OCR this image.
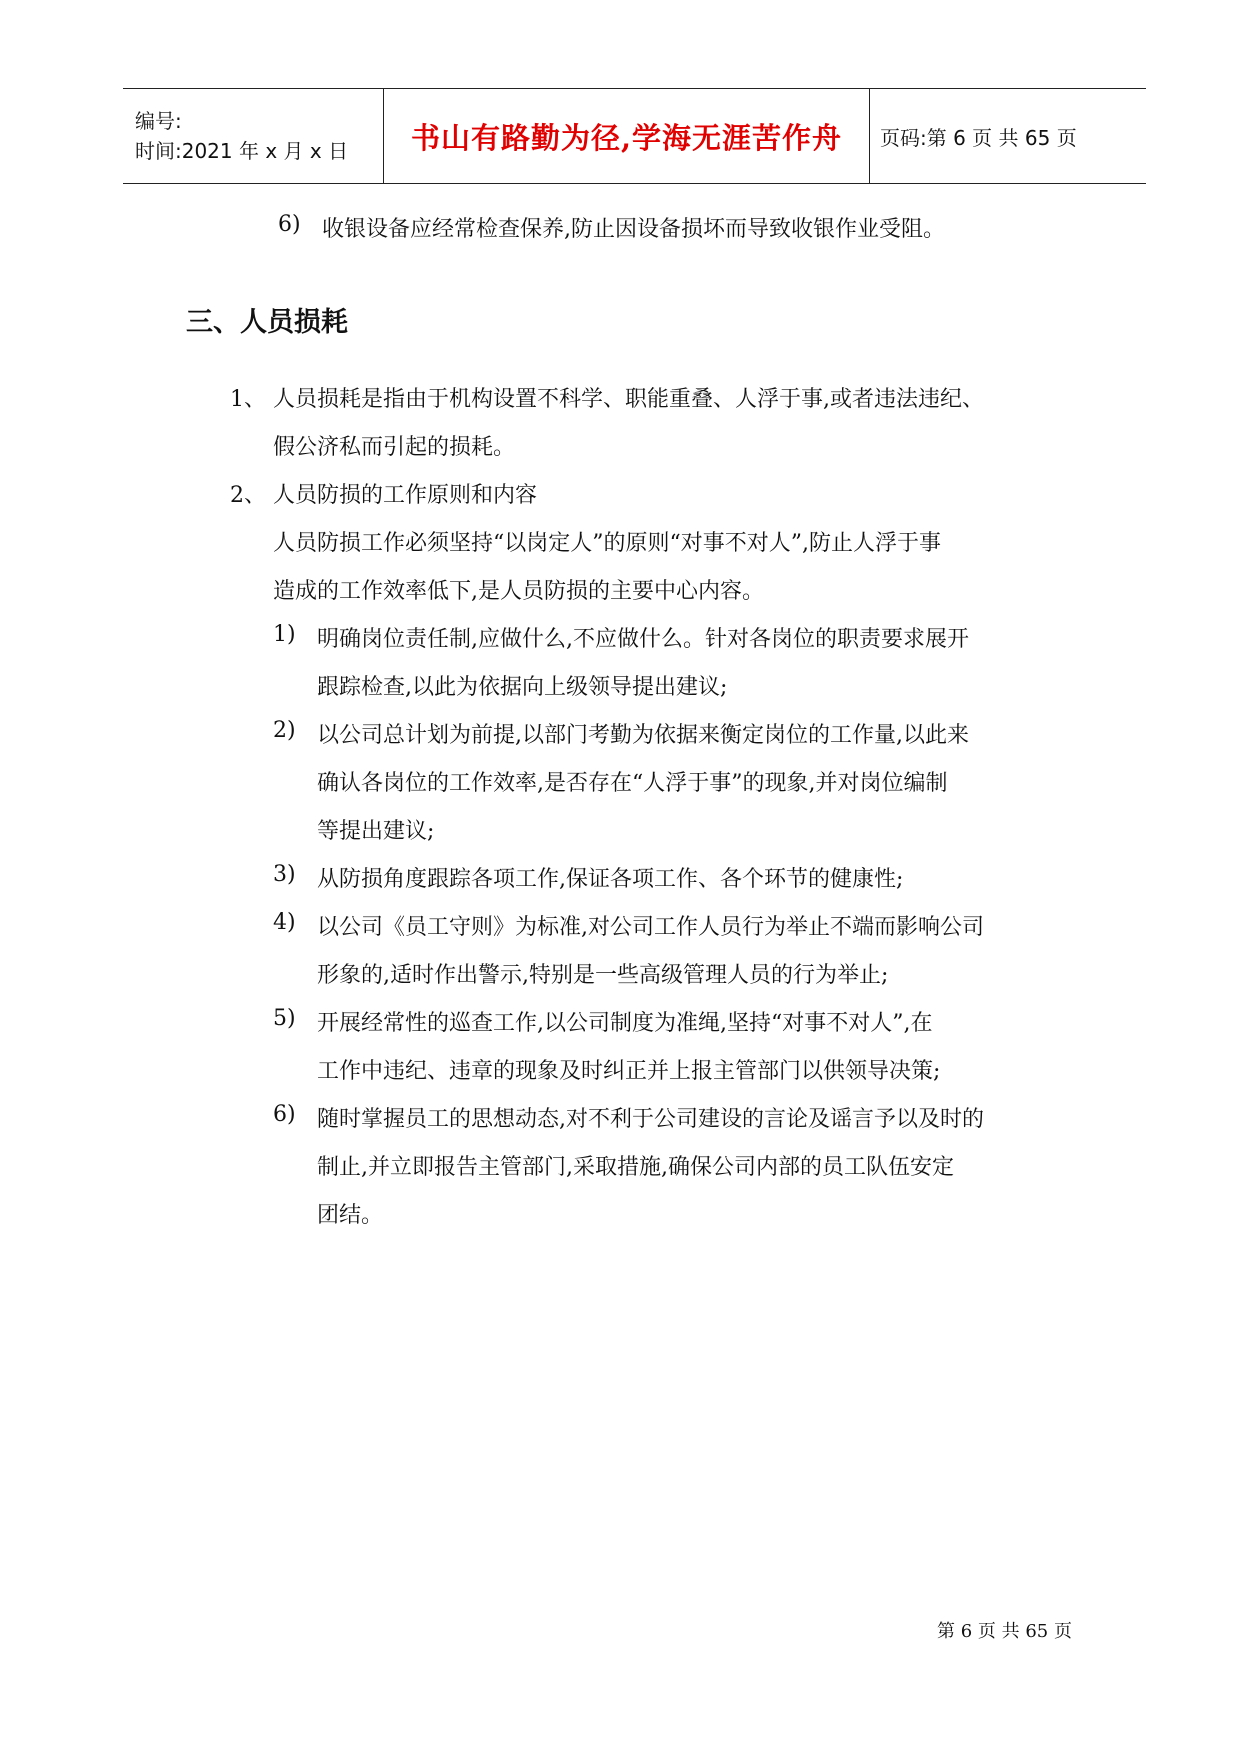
编号:
时间:2021 年 x 月 x 日	书山有路勤为径,学海无涯苦作舟 页码:第 6 页 共 65 页
6) 收银设备应经常检查保养,防止因设备损坏而导致收银作业受阻。
三、人员损耗
1、 人员损耗是指由于机构设置不科学、职能重叠、人浮于事,或者违法违纪、
假公济私而引起的损耗。
2、 人员防损的工作原则和内容
人员防损工作必须坚持“以岗定人”的原则“对事不对人”,防止人浮于事
造成的工作效率低下,是人员防损的主要中心内容。
1) 明确岗位责任制,应做什么,不应做什么。针对各岗位的职责要求展开
跟踪检查,以此为依据向上级领导提出建议;
2) 以公司总计划为前提,以部门考勤为依据来衡定岗位的工作量,以此来
确认各岗位的工作效率,是否存在“人浮于事”的现象,并对岗位编制
等提出建议;
3) 从防损角度跟踪各项工作,保证各项工作、各个环节的健康性;
4) 以公司《员工守则》为标准,对公司工作人员行为举止不端而影响公司
形象的,适时作出警示,特别是一些高级管理人员的行为举止;
5) 开展经常性的巡查工作,以公司制度为准绳,坚持“对事不对人”,在
工作中违纪、违章的现象及时纠正并上报主管部门以供领导决策;
6) 随时掌握员工的思想动态,对不利于公司建设的言论及谣言予以及时的
制止,并立即报告主管部门,采取措施,确保公司内部的员工队伍安定
团结。
第 6 页 共 65 页
